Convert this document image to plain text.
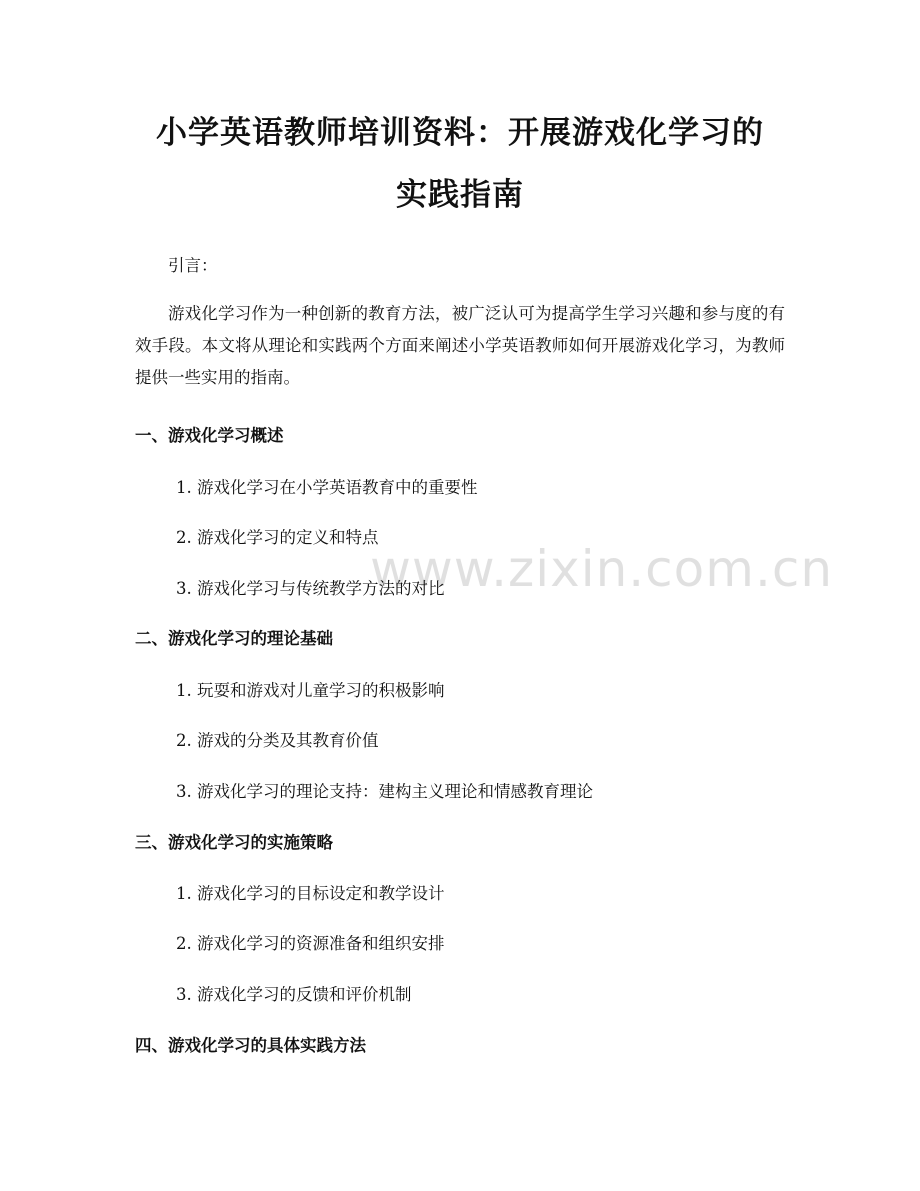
小学英语教师培训资料：开展游戏化学习的
实践指南

引言：

游戏化学习作为一种创新的教育方法，被广泛认可为提高学生学习兴趣和参与度的有效手段。本文将从理论和实践两个方面来阐述小学英语教师如何开展游戏化学习，为教师提供一些实用的指南。

一、游戏化学习概述

1. 游戏化学习在小学英语教育中的重要性

2. 游戏化学习的定义和特点

3. 游戏化学习与传统教学方法的对比

二、游戏化学习的理论基础

1. 玩耍和游戏对儿童学习的积极影响

2. 游戏的分类及其教育价值

3. 游戏化学习的理论支持：建构主义理论和情感教育理论

三、游戏化学习的实施策略

1. 游戏化学习的目标设定和教学设计

2. 游戏化学习的资源准备和组织安排

3. 游戏化学习的反馈和评价机制

四、游戏化学习的具体实践方法
www.zixin.com.cn
